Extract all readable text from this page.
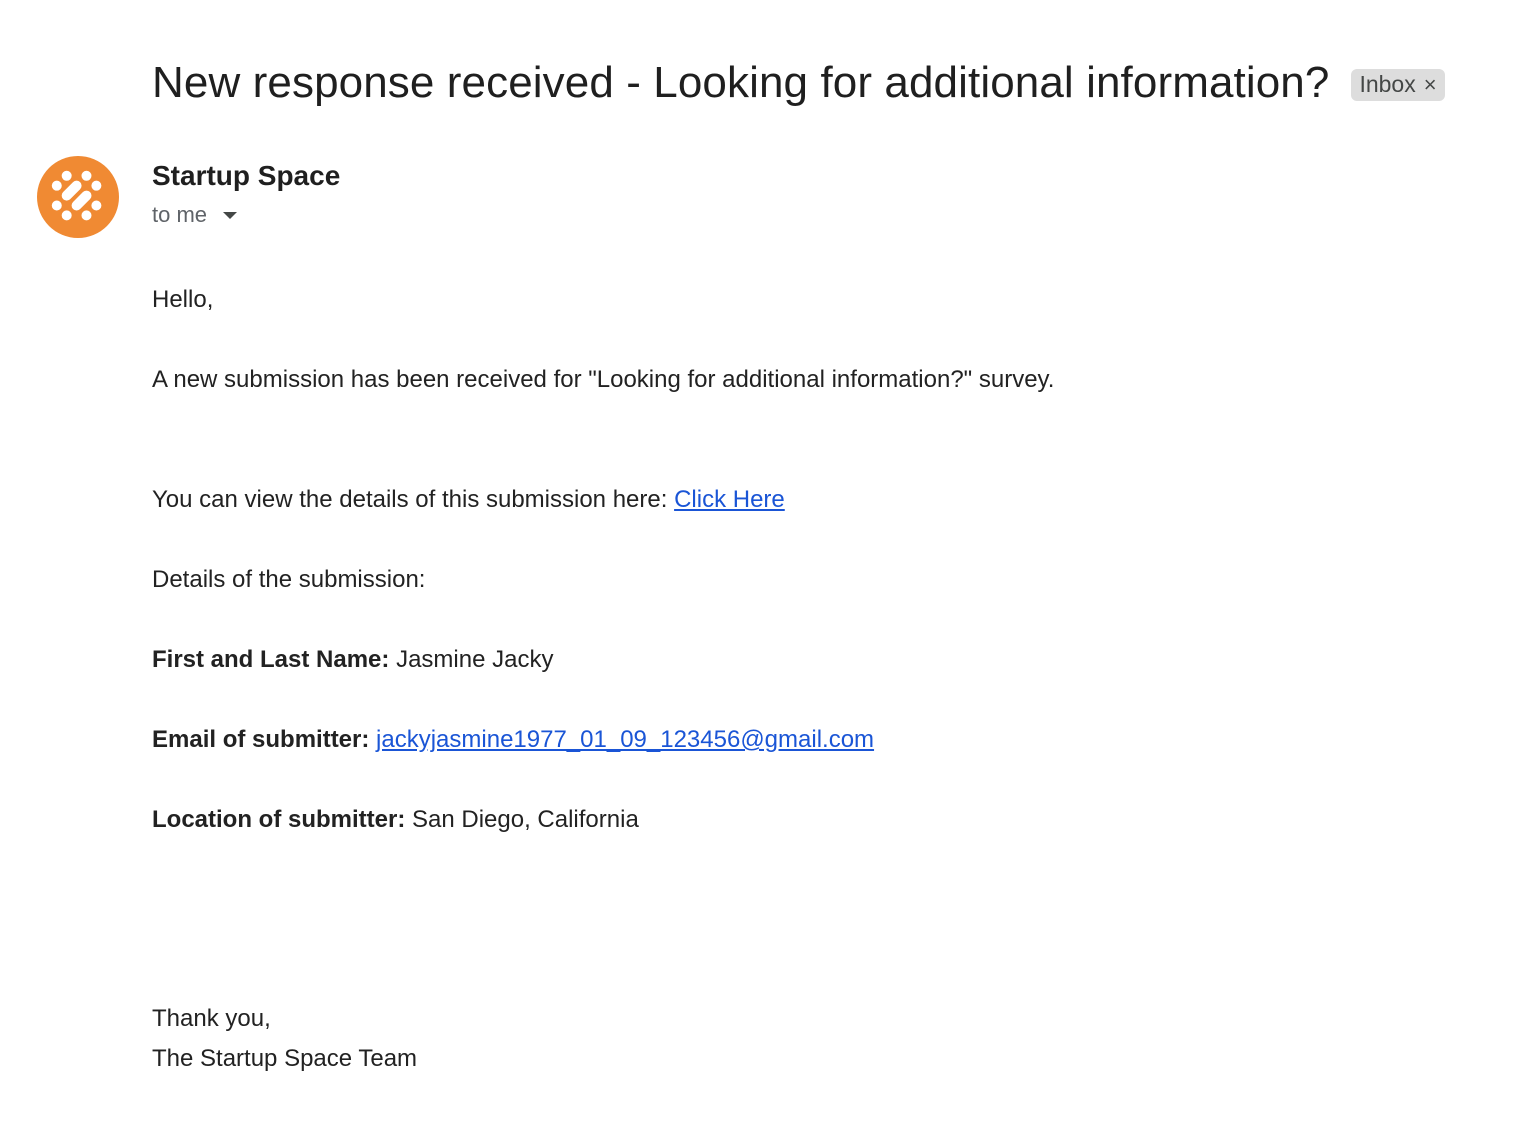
New response received - Looking for additional information? Inbox ×
Startup Space
to me
Hello,
A new submission has been received for "Looking for additional information?" survey.
You can view the details of this submission here: Click Here
Details of the submission:
First and Last Name: Jasmine Jacky
Email of submitter: jackyjasmine1977_01_09_123456@gmail.com
Location of submitter: San Diego, California
Thank you,
The Startup Space Team
